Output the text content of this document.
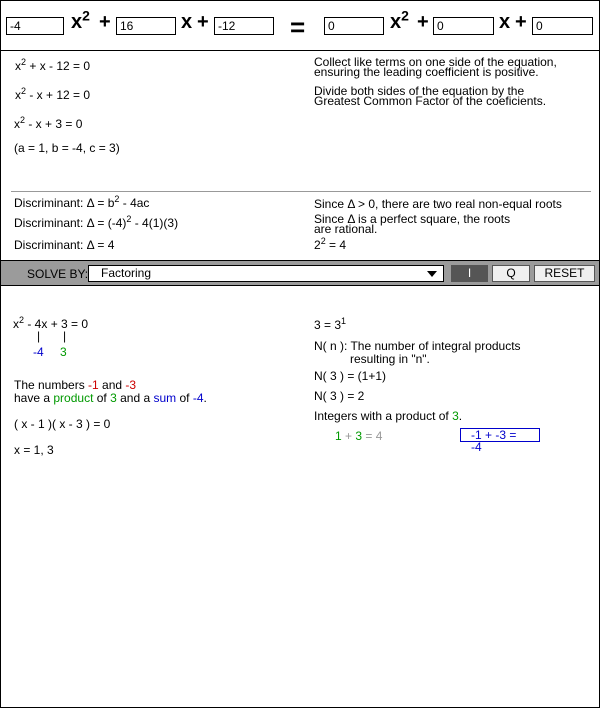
-4
$x^2$ +
16	x +
-12	=
0	$x^2$ +
0	x +
0
$x^2 + x - 12 = 0$	Collect like terms on one side of the equation,
ensuring the leading coefficient is positive.
$x^2 - x + 12 = 0$	Divide both sides of the equation by the
Greatest Common Factor of the coeficients.
$x^2 - x + 3 = 0$
(a = 1, b = -4, c = 3)
Discriminant: $\Delta = b^2 - 4ac$	Since Δ > 0, there are two real non-equal roots
Discriminant: $\Delta = (-4)^2 - 4(1)(3)$	Since Δ is a perfect square, the roots
are rational.
Discriminant: Δ = 4	$2^2 = 4$
SOLVE BY:	Factoring	I	Q	RESET
$x^2 - 4x + 3 = 0$
| |
-4 3
The numbers -1 and -3
have a product of 3 and a sum of -4.
( x - 1 )( x - 3 ) = 0
x = 1, 3
$3 = 3^1$
N( n ): The number of integral products
resulting in "n".
N( 3 ) = (1+1)
N( 3 ) = 2
Integers with a product of 3.
1 + 3 = 4	-1 + -3 = -4
